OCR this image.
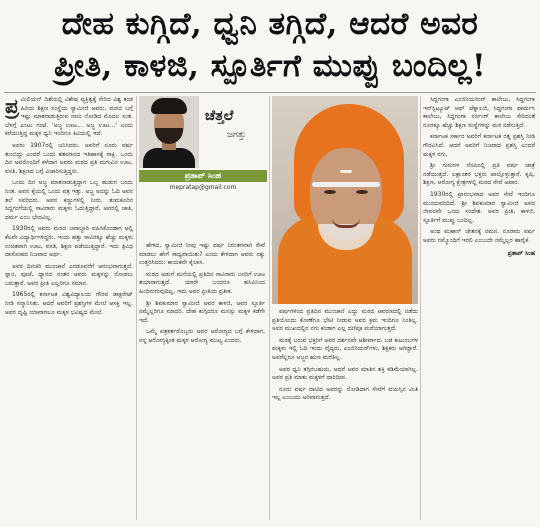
ದೇಹ ಕುಗ್ಗಿದೆ, ಧ್ವನಿ ತಗ್ಗಿದೆ, ಆದರೆ ಅವರ
ಪ್ರೀತಿ, ಕಾಳಜಿ, ಸ್ಪೂರ್ತಿಗೆ ಮುಪ್ಪು ಬಂದಿಲ್ಲ!
ಪ್ರ ಮಿಲಿಯನ್ ದಿಶೆಯಲ್ಲಿ ವಿಶೇಷ ವ್ಯಕ್ತಿತ್ವಕ್ಕೆ ಸೇರಿದ ವಿಶ್ವ ಕಂಡ ಹಿರಿಯ ಶಿಕ್ಷಣ ಸಂಸ್ಥೆಯ ಸ್ವಾಮೀಜಿ ಅವರು, ಮಠದ ಬಗ್ಗೆ ಇಷ್ಟು ಮಾತನಾಡುತ್ತಿರುವ ನಾನು ನೋಡಿದ ಮೊದಲ ಸಂತ. ಬೆಳಗ್ಗೆ ಎಂಟು ಗಂಟೆ. 'ಅಜ್ಜ ಊಟ... ಅಜ್ಜ ಊಟ...' ಎಂದು ಕರೆಯುತ್ತಿದ್ದ ಮಕ್ಕಳ ಧ್ವನಿ ಇಂದಿಗೂ ಕಿವಿಯಲ್ಲಿ ಇದೆ.

ಅವರು 1907ರಲ್ಲಿ ಜನಿಸಿದರು. ಅವರಿಗೆ ನೂರು ವರ್ಷ ತುಂಬಿದ್ದು ಎಂದರೆ ಒಂದು ಶತಮಾನದ ಇತಿಹಾಸಕ್ಕೆ ಸಾಕ್ಷಿ. ಒಂದು ದಿನ ಅವರೊಂದಿಗೆ ಕಳೆದಾಗ ಅವರು ಮಠದ ಪ್ರತಿ ಮಗುವಿನ ಊಟ, ವಸತಿ, ಶಿಕ್ಷಣದ ಬಗ್ಗೆ ವಿಚಾರಿಸುತ್ತಿದ್ದರು.

ಒಂದು ದಿನ ಅಜ್ಜ ಮಾತನಾಡುತ್ತಿದ್ದಾಗ ಒಬ್ಬ ಹುಡುಗ ಬಂದು ನಿಂತ. ಅವನ ಕೈಯಲ್ಲಿ ಒಂದು ಪತ್ರ ಇತ್ತು. ಅಜ್ಜ ಅದನ್ನು ಓದಿ ಅವನ ತಲೆ ಸವರಿದರು. ಅವನ ಕಣ್ಣುಗಳಲ್ಲಿ ನೀರು. ತುಮಕೂರಿನ ಸಿದ್ದಗಂಗೆಯಲ್ಲಿ ಸಾವಿರಾರು ಮಕ್ಕಳು ಓದುತ್ತಿದ್ದಾರೆ, ಅವರಲ್ಲಿ ಜಾತಿ, ಧರ್ಮ ಎಂಬ ಭೇದವಿಲ್ಲ.

1930ರಲ್ಲಿ ಅವರು ಮಠದ ಜವಾಬ್ದಾರಿ ವಹಿಸಿಕೊಂಡಾಗ ಅಲ್ಲಿ ಕೆಲವೇ ವಿದ್ಯಾರ್ಥಿಗಳಿದ್ದರು. ಇಂದು ಹತ್ತು ಸಾವಿರಕ್ಕೂ ಹೆಚ್ಚು ಮಕ್ಕಳು ಉಚಿತವಾಗಿ ಊಟ, ವಸತಿ, ಶಿಕ್ಷಣ ಪಡೆಯುತ್ತಿದ್ದಾರೆ. ಇದು ತ್ರಿವಿಧ ದಾಸೋಹದ ನಿಜವಾದ ಅರ್ಥ.

ಅವರ ದಿನಚರಿ ಮುಂಜಾನೆ ಎರಡೂವರೆಗೆ ಆರಂಭವಾಗುತ್ತದೆ. ಸ್ನಾನ, ಪೂಜೆ, ಧ್ಯಾನದ ನಂತರ ಅವರು ಮಕ್ಕಳನ್ನು ನೋಡಲು ಬರುತ್ತಾರೆ. ಅವರ ಪ್ರೀತಿ ಎಲ್ಲರಿಗೂ ಸಮಾನ.

1965ರಲ್ಲಿ ಕರ್ನಾಟಕ ವಿಶ್ವವಿದ್ಯಾಲಯ ಗೌರವ ಡಾಕ್ಟರೇಟ್ ನೀಡಿ ಸನ್ಮಾನಿಸಿತು. ಆದರೆ ಅವರಿಗೆ ಪ್ರಶಸ್ತಿಗಳ ಮೇಲೆ ಆಸಕ್ತಿ ಇಲ್ಲ. ಅವರ ದೃಷ್ಟಿ ಯಾವಾಗಲೂ ಮಕ್ಕಳ ಭವಿಷ್ಯದ ಮೇಲೆ.

ಚೆತ್ತಲೆ
ಜಗತ್ತು
ಪ್ರತಾಪ್ ಸಿಂಹ
mepratap@gmail.com

ಹೇಳಿದ, ಸ್ವಾಮೀಜಿ ನೀವು ಇಷ್ಟು ವರ್ಷ ನಿರಂತರವಾಗಿ ಸೇವೆ ಮಾಡಲು ಹೇಗೆ ಸಾಧ್ಯವಾಯಿತು? ಎಂದು ಕೇಳಿದಾಗ ಅವರು ನಕ್ಕು ಉತ್ತರಿಸಿದರು: ಕಾಯಕವೇ ಕೈಲಾಸ.

ಮಠದ ಅಡುಗೆ ಮನೆಯಲ್ಲಿ ಪ್ರತಿದಿನ ಸಾವಿರಾರು ಜನರಿಗೆ ಊಟ ತಯಾರಾಗುತ್ತದೆ. ಯಾರೇ ಬಂದರೂ ಹಸಿವಿನಿಂದ ಹಿಂದಿರುಗುವುದಿಲ್ಲ. ಇದು ಅವರ ಪ್ರೀತಿಯ ಪ್ರತೀಕ.

ಶ್ರೀ ಶಿವಕುಮಾರ ಸ್ವಾಮೀಜಿ ಅವರ ಕಾಳಜಿ, ಅವರ ಸ್ಫೂರ್ತಿ ನಮ್ಮೆಲ್ಲರಿಗೂ ಮಾದರಿ. ದೇಹ ಕುಗ್ಗಿದರೂ ಮನಸ್ಸು ಮಕ್ಕಳ ಕಡೆಗೇ ಇದೆ.

ಒಮ್ಮೆ ಪತ್ರಕರ್ತರೊಬ್ಬರು ಅವರ ಆರೋಗ್ಯದ ಬಗ್ಗೆ ಕೇಳಿದಾಗ, ನನ್ನ ಆರೋಗ್ಯಕ್ಕಿಂತ ಮಕ್ಕಳ ಆರೋಗ್ಯ ಮುಖ್ಯ ಎಂದರು.

ವರ್ಷಗಳಿಂದ ಪ್ರತಿದಿನ ಮುಂಜಾನೆ ಎದ್ದು ಮಠದ ಆವರಣದಲ್ಲಿ ನಡೆದು ಪ್ರತಿಯೊಂದು ಕೋಣೆಗೂ ಭೇಟಿ ನೀಡುವ ಅವರ ಕ್ರಮ ಇಂದಿಗೂ ನಿಂತಿಲ್ಲ. ಅವರ ಮುಖದಲ್ಲಿನ ನಗು ಕಂಡಾಗ ಎಲ್ಲ ದಣಿವೂ ಮರೆಯಾಗುತ್ತದೆ.

ಮಠಕ್ಕೆ ಬರುವ ಭಕ್ತರಿಗೆ ಅವರ ದರ್ಶನವೇ ಆಶೀರ್ವಾದ. ಬಡ ಕುಟುಂಬಗಳ ಮಕ್ಕಳು ಇಲ್ಲಿ ಓದಿ ಇಂದು ವೈದ್ಯರು, ಎಂಜಿನಿಯರ್‌ಗಳು, ಶಿಕ್ಷಕರು ಆಗಿದ್ದಾರೆ. ಅವರೆಲ್ಲರೂ ಅಜ್ಜನ ಋಣ ಮರೆತಿಲ್ಲ.

ಅವರ ಧ್ವನಿ ತಗ್ಗಿರಬಹುದು, ಆದರೆ ಅವರ ಮಾತಿನ ಶಕ್ತಿ ಕಡಿಮೆಯಾಗಿಲ್ಲ. ಅವರ ಪ್ರತಿ ಮಾತು ಮಕ್ಕಳಿಗೆ ದಾರಿದೀಪ.

ನೂರು ವರ್ಷ ದಾಟಿದ ಅವರನ್ನು ನೋಡಿದಾಗ ಸೇವೆಗೆ ವಯಸ್ಸಿನ ಮಿತಿ ಇಲ್ಲ ಎಂಬುದು ಅರಿವಾಗುತ್ತದೆ.

ಸಿದ್ದಗಂಗಾ ಎಂಜಿನಿಯರಿಂಗ್ ಕಾಲೇಜು, ಸಿದ್ದಗಂಗಾ ಇನ್‌ಸ್ಟಿಟ್ಯೂಟ್ ಆಫ್ ಟೆಕ್ನಾಲಜಿ, ಸಿದ್ದಗಂಗಾ ಫಾರ್ಮಸಿ ಕಾಲೇಜು, ಸಿದ್ದಗಂಗಾ ನರ್ಸಿಂಗ್ ಕಾಲೇಜು ಸೇರಿದಂತೆ ನೂರಕ್ಕೂ ಹೆಚ್ಚು ಶಿಕ್ಷಣ ಸಂಸ್ಥೆಗಳನ್ನು ಮಠ ನಡೆಸುತ್ತಿದೆ.

ಕರ್ನಾಟಕ ಸರ್ಕಾರ ಅವರಿಗೆ ಕರ್ನಾಟಕ ರತ್ನ ಪ್ರಶಸ್ತಿ ನೀಡಿ ಗೌರವಿಸಿದೆ. ಆದರೆ ಅವರಿಗೆ ನಿಜವಾದ ಪ್ರಶಸ್ತಿ ಎಂದರೆ ಮಕ್ಕಳ ನಗು.

ಶ್ರೀ ಗುರುಗಳ ನೆನಪಿನಲ್ಲಿ ಪ್ರತಿ ವರ್ಷ ಜಾತ್ರೆ ನಡೆಯುತ್ತದೆ. ಲಕ್ಷಾಂತರ ಭಕ್ತರು ಪಾಲ್ಗೊಳ್ಳುತ್ತಾರೆ. ಕೃಷಿ, ಶಿಕ್ಷಣ, ಆರೋಗ್ಯ ಕ್ಷೇತ್ರಗಳಲ್ಲಿ ಮಠದ ಸೇವೆ ಅಪಾರ.

1930ರಲ್ಲಿ ಪ್ರಾರಂಭವಾದ ಅವರ ಸೇವೆ ಇಂದಿಗೂ ಮುಂದುವರಿದಿದೆ. ಶ್ರೀ ಶಿವಕುಮಾರ ಸ್ವಾಮೀಜಿ ಅವರ ಜೀವನವೇ ಒಂದು ಸಂದೇಶ. ಅವರ ಪ್ರೀತಿ, ಕಾಳಜಿ, ಸ್ಫೂರ್ತಿಗೆ ಮುಪ್ಪು ಬಂದಿಲ್ಲ.

ಅಂಥ ಮಹಾನ್ ಚೇತನಕ್ಕೆ ನಮನ. ನೂರಾರು ವರ್ಷ ಅವರು ನಮ್ಮೊಂದಿಗೆ ಇರಲಿ ಎಂಬುದೇ ನಮ್ಮೆಲ್ಲರ ಹಾರೈಕೆ.

ಪ್ರತಾಪ್ ಸಿಂಹ
